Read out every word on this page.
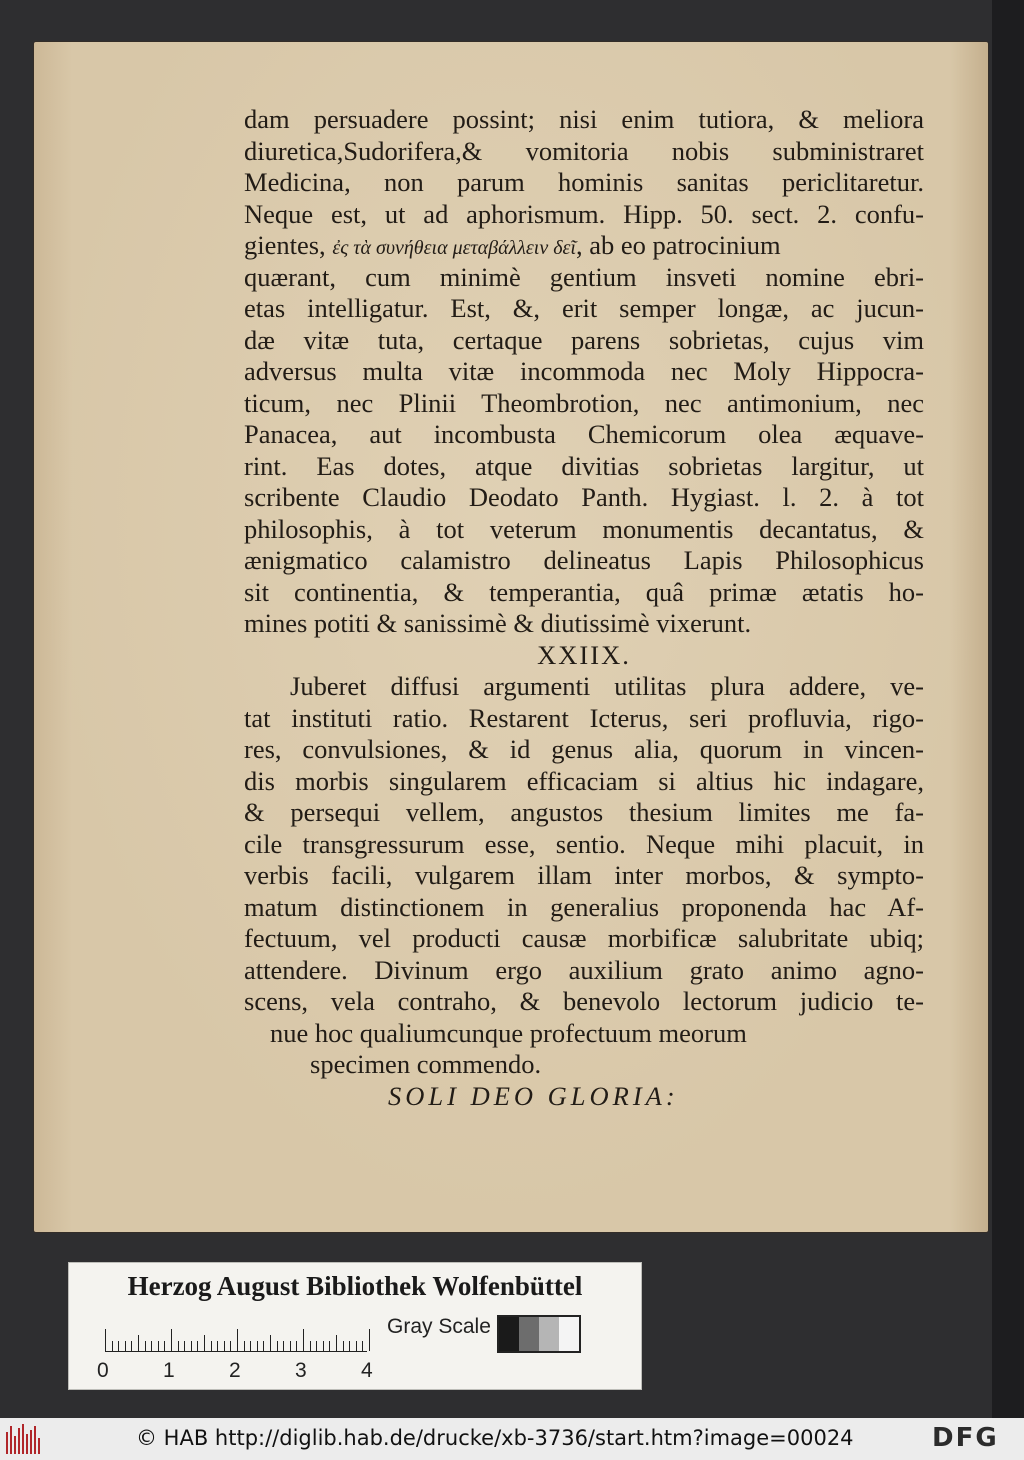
dam persuadere possint; nisi enim tutiora, & meliora
diuretica,Sudorifera,& vomitoria nobis subministraret
Medicina, non parum hominis sanitas periclitaretur.
Neque est, ut ad aphorismum. Hipp. 50. sect. 2. confu-
gientes, ἐς τὰ συνήθεια μεταβάλλειν δεῖ, ab eo patrocinium
quærant, cum minimè gentium insveti nomine ebri-
etas intelligatur. Est, &, erit semper longæ, ac jucun-
dæ vitæ tuta, certaque parens sobrietas, cujus vim
adversus multa vitæ incommoda nec Moly Hippocra-
ticum, nec Plinii Theombrotion, nec antimonium, nec
Panacea, aut incombusta Chemicorum olea æquave-
rint. Eas dotes, atque divitias sobrietas largitur, ut
scribente Claudio Deodato Panth. Hygiast. l. 2. à tot
philosophis, à tot veterum monumentis decantatus, &
ænigmatico calamistro delineatus Lapis Philosophicus
sit continentia, & temperantia, quâ primæ ætatis ho-
mines potiti & sanissimè & diutissimè vixerunt.
XXIIX.
Juberet diffusi argumenti utilitas plura addere, ve-
tat instituti ratio. Restarent Icterus, seri profluvia, rigo-
res, convulsiones, & id genus alia, quorum in vincen-
dis morbis singularem efficaciam si altius hic indagare,
& persequi vellem, angustos thesium limites me fa-
cile transgressurum esse, sentio. Neque mihi placuit, in
verbis facili, vulgarem illam inter morbos, & sympto-
matum distinctionem in generalius proponenda hac Af-
fectuum, vel producti causæ morbificæ salubritate ubiq;
attendere. Divinum ergo auxilium grato animo agno-
scens, vela contraho, & benevolo lectorum judicio te-
nue hoc qualiumcunque profectuum meorum
specimen commendo.
SOLI DEO GLORIA:
Herzog August Bibliothek Wolfenbüttel
0	1	2	3	4
Gray Scale
© HAB http://diglib.hab.de/drucke/xb-3736/start.htm?image=00024	DFG
